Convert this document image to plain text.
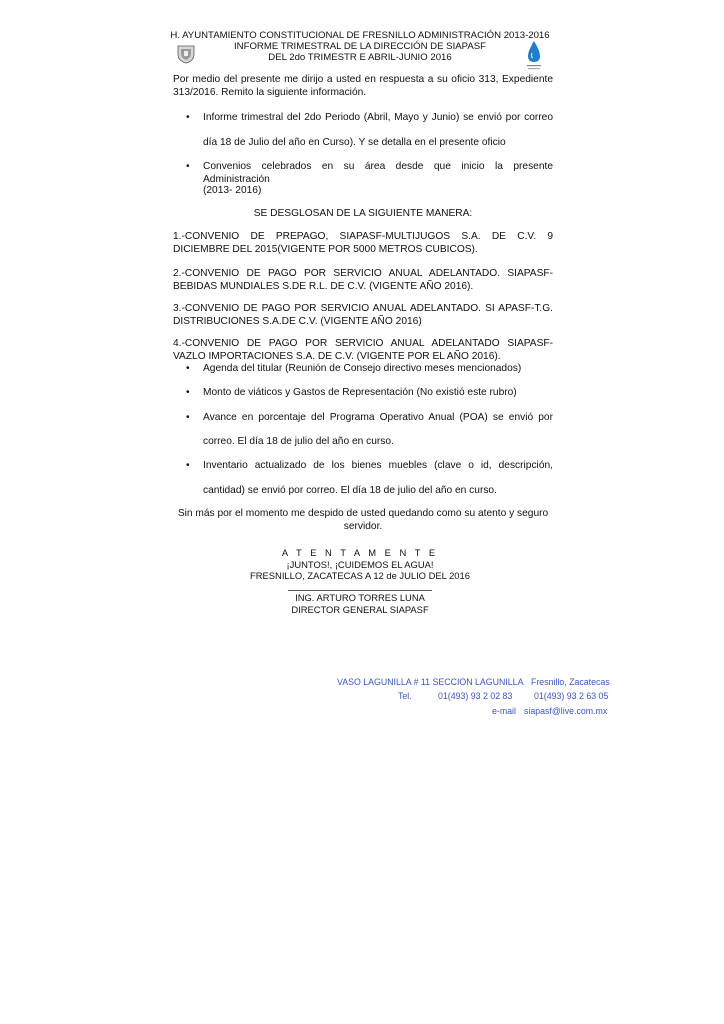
H. AYUNTAMIENTO CONSTITUCIONAL DE FRESNILLO ADMINISTRACIÓN 2013-2016
INFORME TRIMESTRAL DE LA DIRECCIÓN DE SIAPASF
DEL 2do TRIMESTR E ABRIL-JUNIO 2016
Por medio del presente me dirijo a usted en respuesta a su oficio 313, Expediente
313/2016. Remito la siguiente información.
• Informe trimestral del 2do Periodo (Abril, Mayo y Junio) se envió por correo
día 18 de Julio del año en Curso). Y se detalla en el presente oficio
• Convenios celebrados en su área desde que inicio la presente Administración
(2013- 2016)
SE DESGLOSAN DE LA SIGUIENTE MANERA:
1.-CONVENIO DE PREPAGO, SIAPASF-MULTIJUGOS S.A. DE C.V. 9
DICIEMBRE DEL 2015(VIGENTE POR 5000 METROS CUBICOS).
2.-CONVENIO DE PAGO POR SERVICIO ANUAL ADELANTADO. SIAPASF-
BEBIDAS MUNDIALES S.DE R.L. DE C.V. (VIGENTE AÑO 2016).
3.-CONVENIO DE PAGO POR SERVICIO ANUAL ADELANTADO. SI APASF-T.G.
DISTRIBUCIONES S.A.DE C.V. (VIGENTE AÑO 2016)
4.-CONVENIO DE PAGO POR SERVICIO ANUAL ADELANTADO SIAPASF-
VAZLO IMPORTACIONES S.A. DE C.V. (VIGENTE POR EL AÑO 2016).
• Agenda del titular (Reunión de Consejo directivo meses mencionados)
• Monto de viáticos y Gastos de Representación (No existió este rubro)
• Avance en porcentaje del Programa Operativo Anual (POA) se envió por
correo. El día 18 de julio del año en curso.
• Inventario actualizado de los bienes muebles (clave o id, descripción,
cantidad) se envió por correo. El día 18 de julio del año en curso.
Sin más por el momento me despido de usted quedando como su atento y seguro
servidor.
A T E N T A M E N T E
¡JUNTOS!, ¡CUIDEMOS EL AGUA!
FRESNILLO, ZACATECAS A 12 de JULIO DEL 2016
ING. ARTURO TORRES LUNA
DIRECTOR GENERAL SIAPASF
VASO LAGUNILLA # 11 SECCION LAGUNILLA Fresnillo, Zacatecas
Tel.	01(493) 93 2 02 83 01(493) 93 2 63 05
e-mail siapasf@live.com.mx
